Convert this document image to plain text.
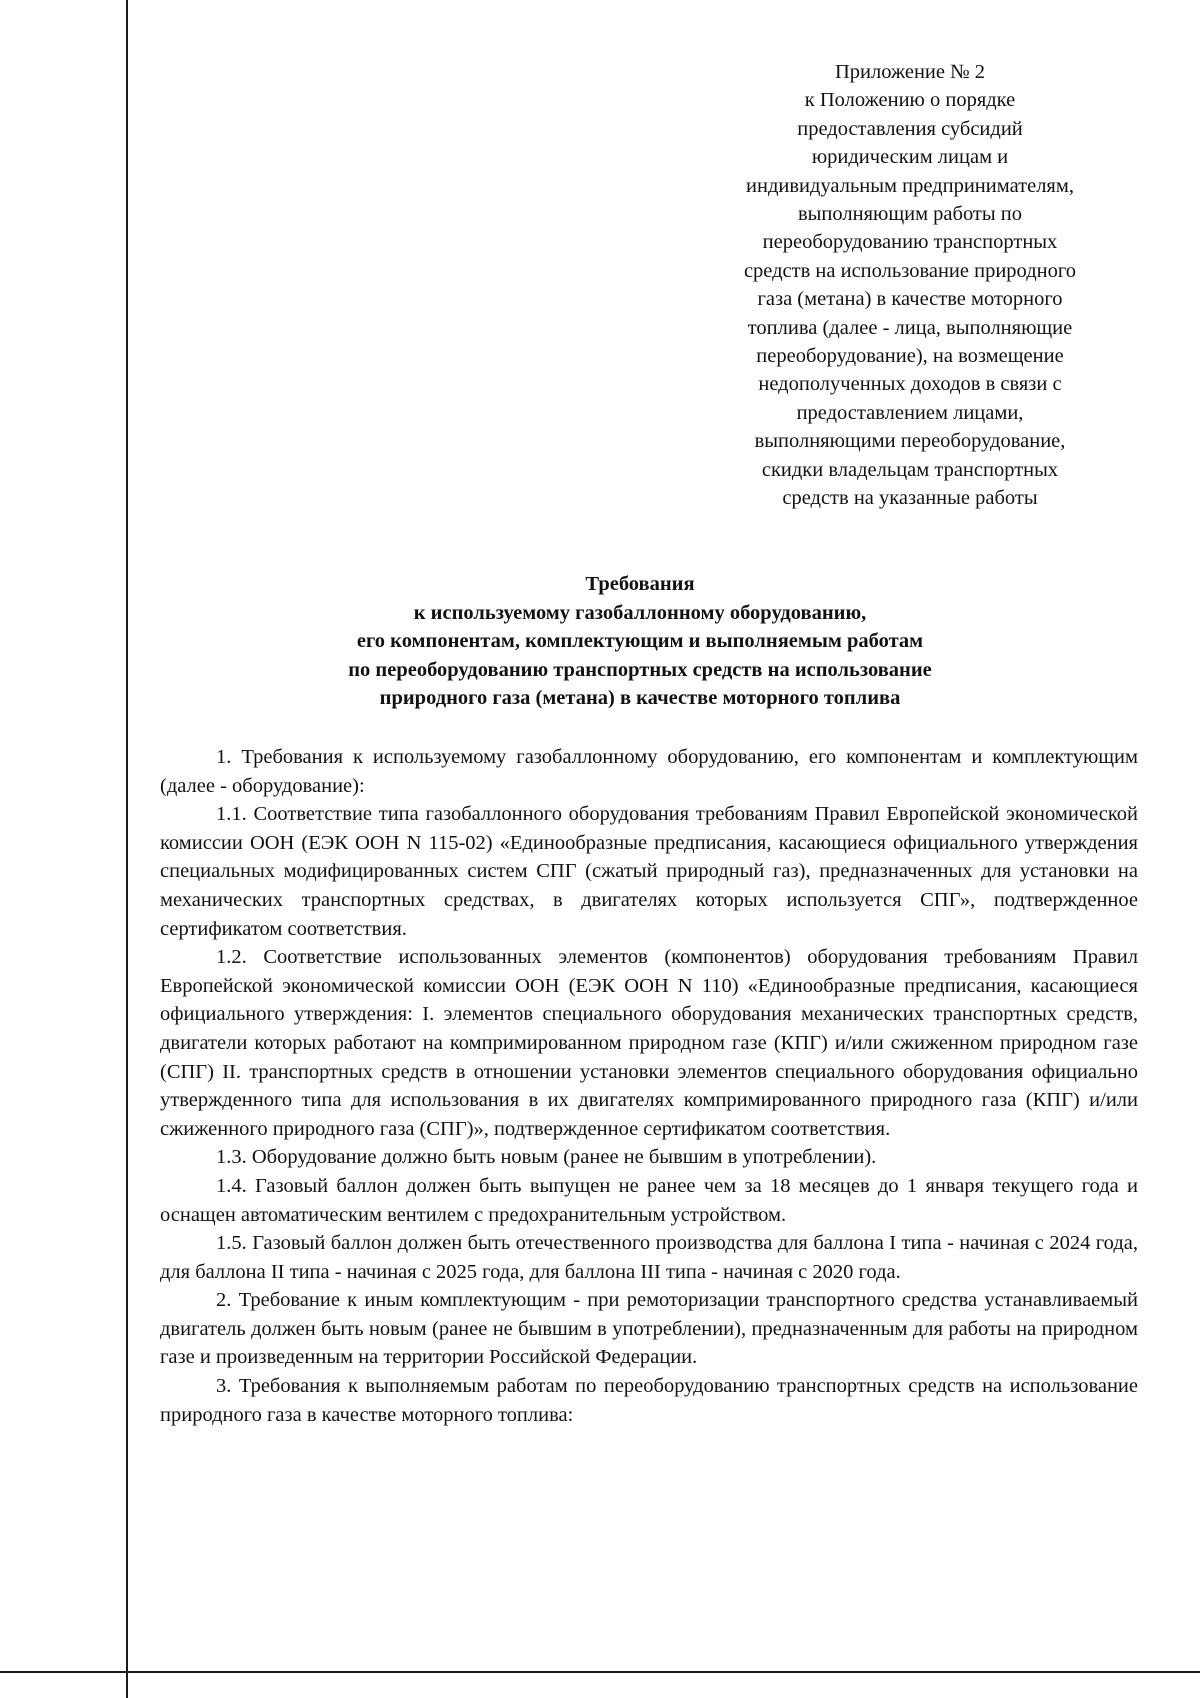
Приложение № 2
к Положению о порядке
предоставления субсидий
юридическим лицам и
индивидуальным предпринимателям,
выполняющим работы по
переоборудованию транспортных
средств на использование природного
газа (метана) в качестве моторного
топлива (далее - лица, выполняющие
переоборудование), на возмещение
недополученных доходов в связи с
предоставлением лицами,
выполняющими переоборудование,
скидки владельцам транспортных
средств на указанные работы
Требования
к используемому газобаллонному оборудованию,
его компонентам, комплектующим и выполняемым работам
по переоборудованию транспортных средств на использование
природного газа (метана) в качестве моторного топлива

1. Требования к используемому газобаллонному оборудованию, его компонентам и комплектующим (далее - оборудование):

1.1. Соответствие типа газобаллонного оборудования требованиям Правил Европейской экономической комиссии ООН (ЕЭК ООН N 115-02) «Единообразные предписания, касающиеся официального утверждения специальных модифицированных систем СПГ (сжатый природный газ), предназначенных для установки на механических транспортных средствах, в двигателях которых используется СПГ», подтвержденное сертификатом соответствия.

1.2. Соответствие использованных элементов (компонентов) оборудования требованиям Правил Европейской экономической комиссии ООН (ЕЭК ООН N 110) «Единообразные предписания, касающиеся официального утверждения: I. элементов специального оборудования механических транспортных средств, двигатели которых работают на компримированном природном газе (КПГ) и/или сжиженном природном газе (СПГ) II. транспортных средств в отношении установки элементов специального оборудования официально утвержденного типа для использования в их двигателях компримированного природного газа (КПГ) и/или сжиженного природного газа (СПГ)», подтвержденное сертификатом соответствия.

1.3. Оборудование должно быть новым (ранее не бывшим в употреблении).

1.4. Газовый баллон должен быть выпущен не ранее чем за 18 месяцев до 1 января текущего года и оснащен автоматическим вентилем с предохранительным устройством.

1.5. Газовый баллон должен быть отечественного производства для баллона I типа - начиная с 2024 года, для баллона II типа - начиная с 2025 года, для баллона III типа - начиная с 2020 года.

2. Требование к иным комплектующим - при ремоторизации транспортного средства устанавливаемый двигатель должен быть новым (ранее не бывшим в употреблении), предназначенным для работы на природном газе и произведенным на территории Российской Федерации.

3. Требования к выполняемым работам по переоборудованию транспортных средств на использование природного газа в качестве моторного топлива:
